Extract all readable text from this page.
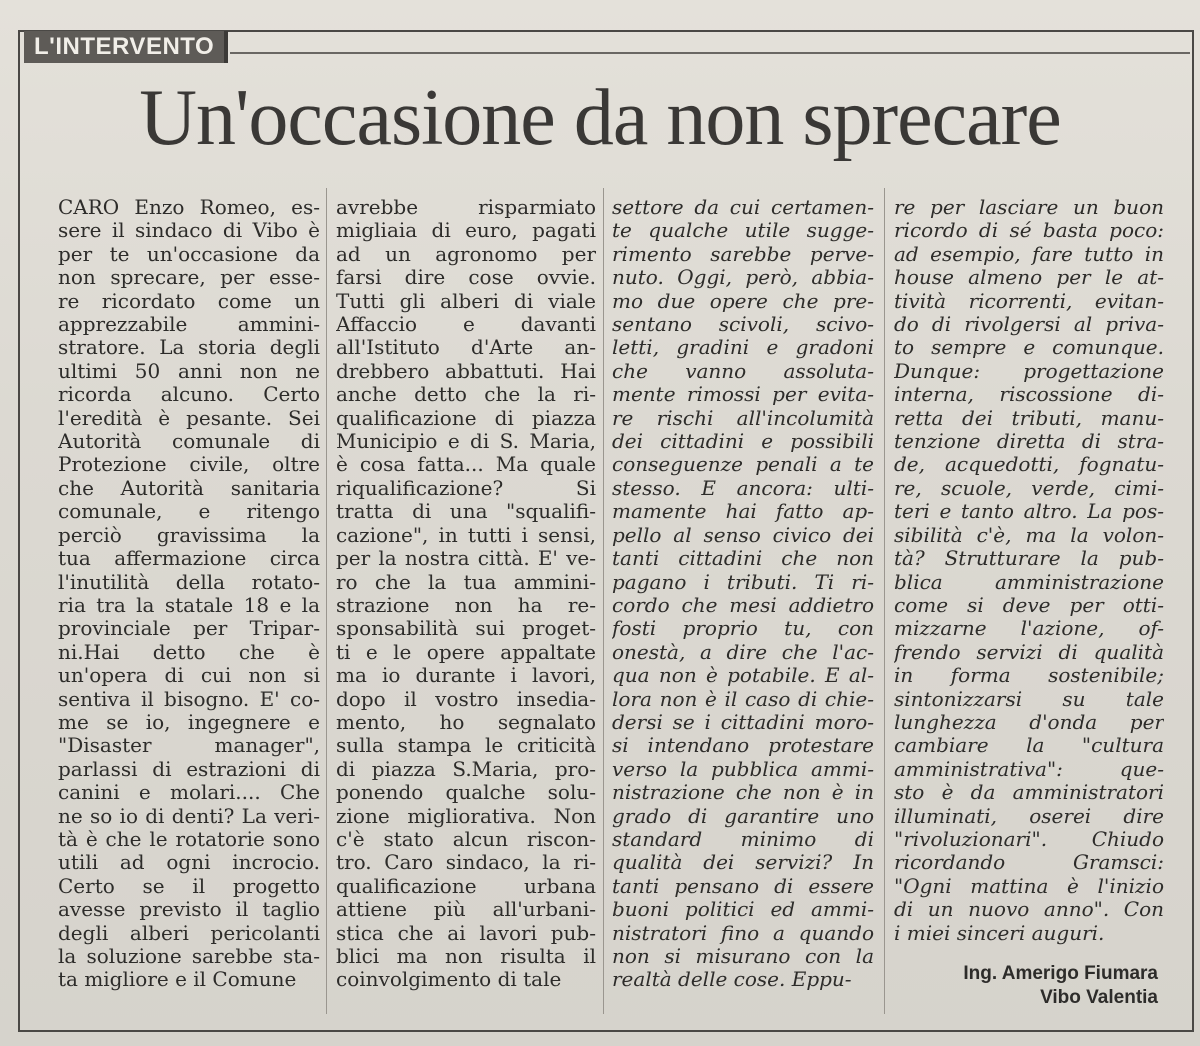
L'INTERVENTO
Un'occasione da non sprecare
CARO Enzo Romeo, es-
sere il sindaco di Vibo è
per te un'occasione da
non sprecare, per esse-
re ricordato come un
apprezzabile ammini-
stratore. La storia degli
ultimi 50 anni non ne
ricorda alcuno. Certo
l'eredità è pesante. Sei
Autorità comunale di
Protezione civile, oltre
che Autorità sanitaria
comunale, e ritengo
perciò gravissima la
tua affermazione circa
l'inutilità della rotato-
ria tra la statale 18 e la
provinciale per Tripar-
ni.Hai detto che è
un'opera di cui non si
sentiva il bisogno. E' co-
me se io, ingegnere e
"Disaster manager",
parlassi di estrazioni di
canini e molari.... Che
ne so io di denti? La veri-
tà è che le rotatorie sono
utili ad ogni incrocio.
Certo se il progetto
avesse previsto il taglio
degli alberi pericolanti
la soluzione sarebbe sta-
ta migliore e il Comune
avrebbe risparmiato
migliaia di euro, pagati
ad un agronomo per
farsi dire cose ovvie.
Tutti gli alberi di viale
Affaccio e davanti
all'Istituto d'Arte an-
drebbero abbattuti. Hai
anche detto che la ri-
qualificazione di piazza
Municipio e di S. Maria,
è cosa fatta... Ma quale
riqualificazione? Si
tratta di una "squalifi-
cazione", in tutti i sensi,
per la nostra città. E' ve-
ro che la tua ammini-
strazione non ha re-
sponsabilità sui proget-
ti e le opere appaltate
ma io durante i lavori,
dopo il vostro insedia-
mento, ho segnalato
sulla stampa le criticità
di piazza S.Maria, pro-
ponendo qualche solu-
zione migliorativa. Non
c'è stato alcun riscon-
tro. Caro sindaco, la ri-
qualificazione urbana
attiene più all'urbani-
stica che ai lavori pub-
blici ma non risulta il
coinvolgimento di tale
settore da cui certamen-
te qualche utile sugge-
rimento sarebbe perve-
nuto. Oggi, però, abbia-
mo due opere che pre-
sentano scivoli, scivo-
letti, gradini e gradoni
che vanno assoluta-
mente rimossi per evita-
re rischi all'incolumità
dei cittadini e possibili
conseguenze penali a te
stesso. E ancora: ulti-
mamente hai fatto ap-
pello al senso civico dei
tanti cittadini che non
pagano i tributi. Ti ri-
cordo che mesi addietro
fosti proprio tu, con
onestà, a dire che l'ac-
qua non è potabile. E al-
lora non è il caso di chie-
dersi se i cittadini moro-
si intendano protestare
verso la pubblica ammi-
nistrazione che non è in
grado di garantire uno
standard minimo di
qualità dei servizi? In
tanti pensano di essere
buoni politici ed ammi-
nistratori fino a quando
non si misurano con la
realtà delle cose. Eppu-
re per lasciare un buon
ricordo di sé basta poco:
ad esempio, fare tutto in
house almeno per le at-
tività ricorrenti, evitan-
do di rivolgersi al priva-
to sempre e comunque.
Dunque: progettazione
interna, riscossione di-
retta dei tributi, manu-
tenzione diretta di stra-
de, acquedotti, fognatu-
re, scuole, verde, cimi-
teri e tanto altro. La pos-
sibilità c'è, ma la volon-
tà? Strutturare la pub-
blica amministrazione
come si deve per otti-
mizzarne l'azione, of-
frendo servizi di qualità
in forma sostenibile;
sintonizzarsi su tale
lunghezza d'onda per
cambiare la "cultura
amministrativa": que-
sto è da amministratori
illuminati, oserei dire
"rivoluzionari". Chiudo
ricordando Gramsci:
"Ogni mattina è l'inizio
di un nuovo anno". Con
i miei sinceri auguri.
Ing. Amerigo Fiumara
Vibo Valentia
